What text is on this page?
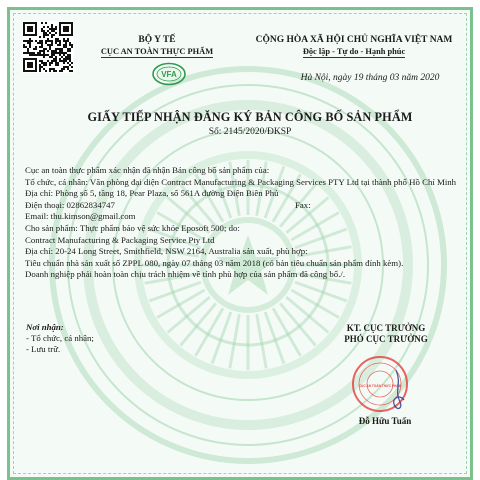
BỘ Y TẾ
CỤC AN TOÀN THỰC PHẨM
VFA
CỘNG HÒA XÃ HỘI CHỦ NGHĨA VIỆT NAM
Độc lập - Tự do - Hạnh phúc
Hà Nội, ngày 19 tháng 03 năm 2020
GIẤY TIẾP NHẬN ĐĂNG KÝ BẢN CÔNG BỐ SẢN PHẨM
Số: 2145/2020/ĐKSP

Cục an toàn thực phẩm xác nhận đã nhận Bản công bố sản phẩm của:

Tổ chức, cá nhân: Văn phòng đại diện Contract Manufacturing & Packaging Services PTY Ltd tại thành phố Hồ Chí Minh

Địa chỉ: Phòng số 5, tầng 18, Pear Plaza, số 561A đường Điện Biên Phủ

Điện thoại: 02862834747	Fax:

Email: thu.kimson@gmail.com

Cho sản phẩm: Thực phẩm bảo vệ sức khỏe Eposoft 500; do:

Contract Manufacturing & Packaging Service Pty Ltd

Địa chỉ: 20-24 Long Street, Smithfield, NSW 2164, Australia sản xuất, phù hợp:

Tiêu chuẩn nhà sản xuất số ZPPL 080, ngày 07 tháng 03 năm 2018 (có bản tiêu chuẩn sản phẩm đính kèm).

Doanh nghiệp phải hoàn toàn chịu trách nhiệm về tính phù hợp của sản phẩm đã công bố./.

Nơi nhận:
- Tổ chức, cá nhân;
- Lưu trữ.
KT. CỤC TRƯỞNG
PHÓ CỤC TRƯỞNG
CỤC AN TOÀN THỰC PHẨM
Đỗ Hữu Tuấn
